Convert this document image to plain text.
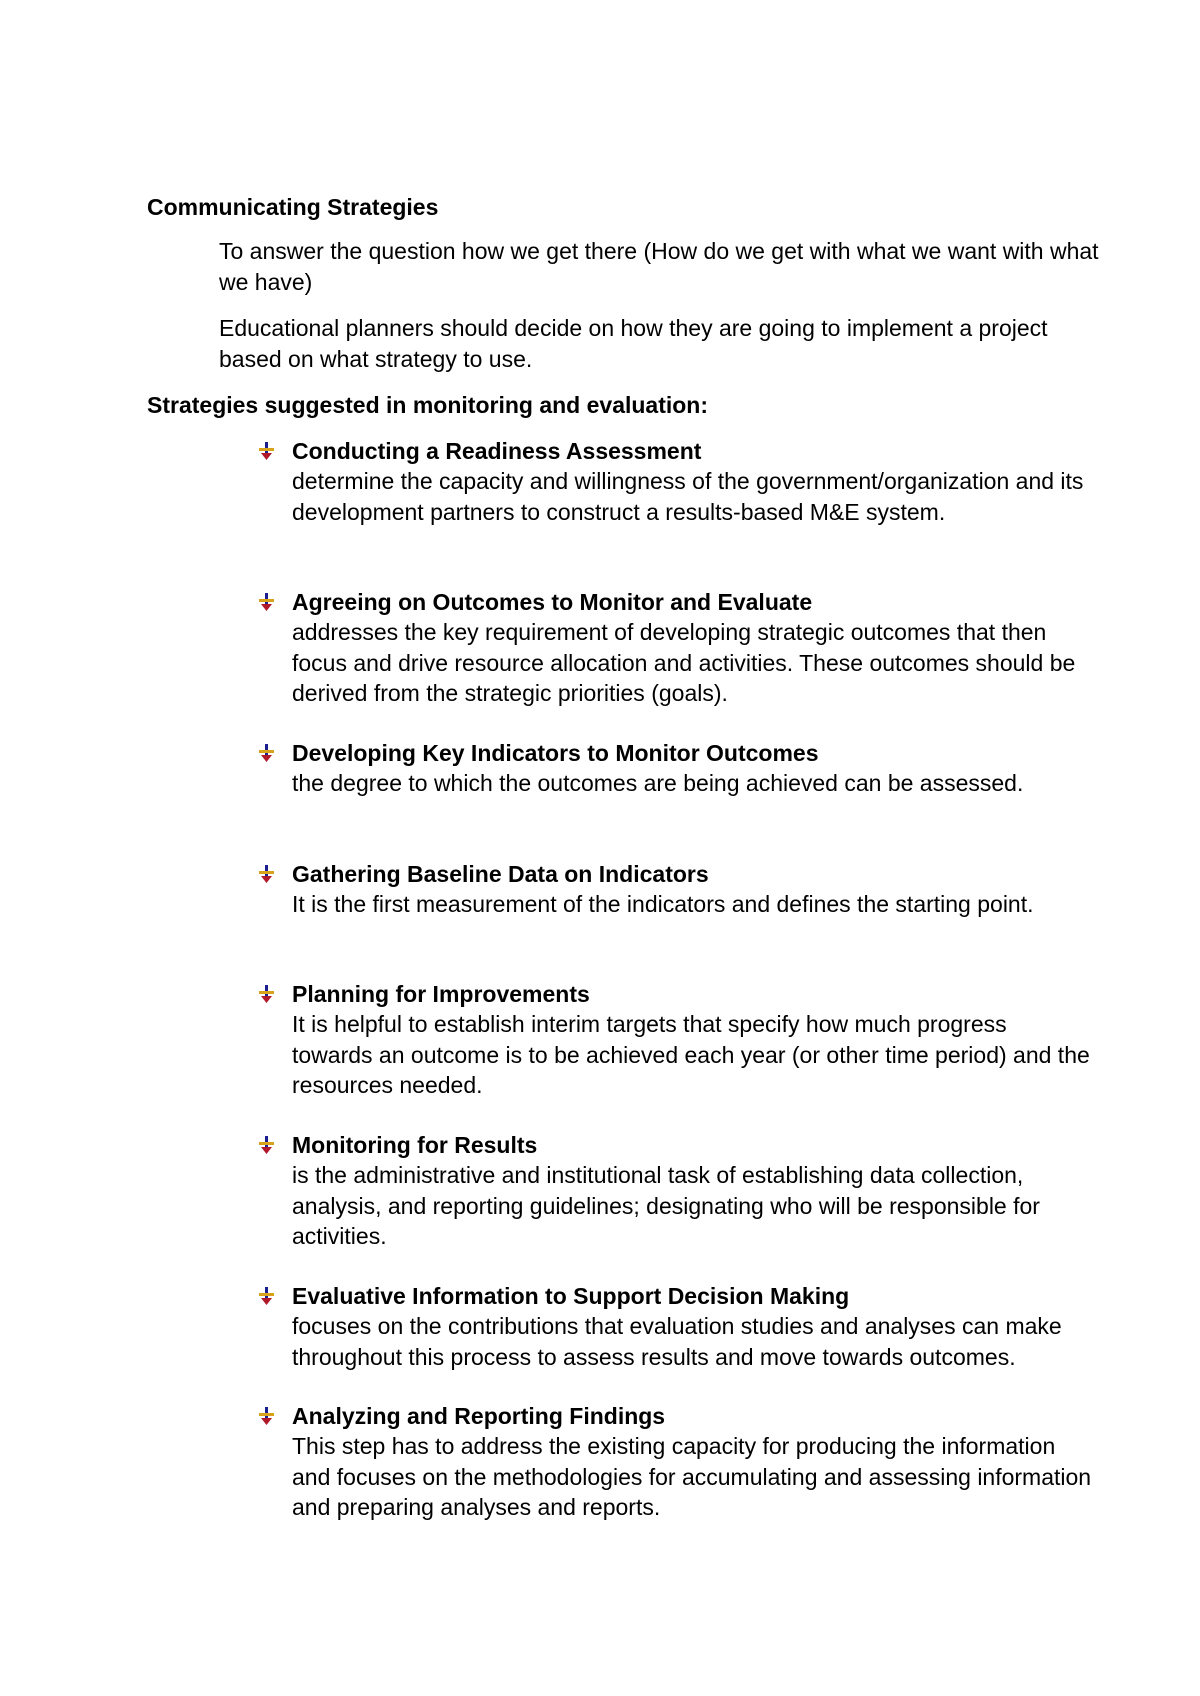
Communicating Strategies

To answer the question how we get there (How do we get with what we want with what we have)

Educational planners should decide on how they are going to implement a project based on what strategy to use.

Strategies suggested in monitoring and evaluation:
Conducting a Readiness Assessment

determine the capacity and willingness of the government/organization and its development partners to construct a results-based M&E system.

Agreeing on Outcomes to Monitor and Evaluate

addresses the key requirement of developing strategic outcomes that then focus and drive resource allocation and activities. These outcomes should be derived from the strategic priorities (goals).

Developing Key Indicators to Monitor Outcomes

the degree to which the outcomes are being achieved can be assessed.

Gathering Baseline Data on Indicators

It is the first measurement of the indicators and defines the starting point.

Planning for Improvements

It is helpful to establish interim targets that specify how much progress towards an outcome is to be achieved each year (or other time period) and the resources needed.

Monitoring for Results

is the administrative and institutional task of establishing data collection, analysis, and reporting guidelines; designating who will be responsible for activities.

Evaluative Information to Support Decision Making

focuses on the contributions that evaluation studies and analyses can make throughout this process to assess results and move towards outcomes.

Analyzing and Reporting Findings

This step has to address the existing capacity for producing the information and focuses on the methodologies for accumulating and assessing information and preparing analyses and reports.
